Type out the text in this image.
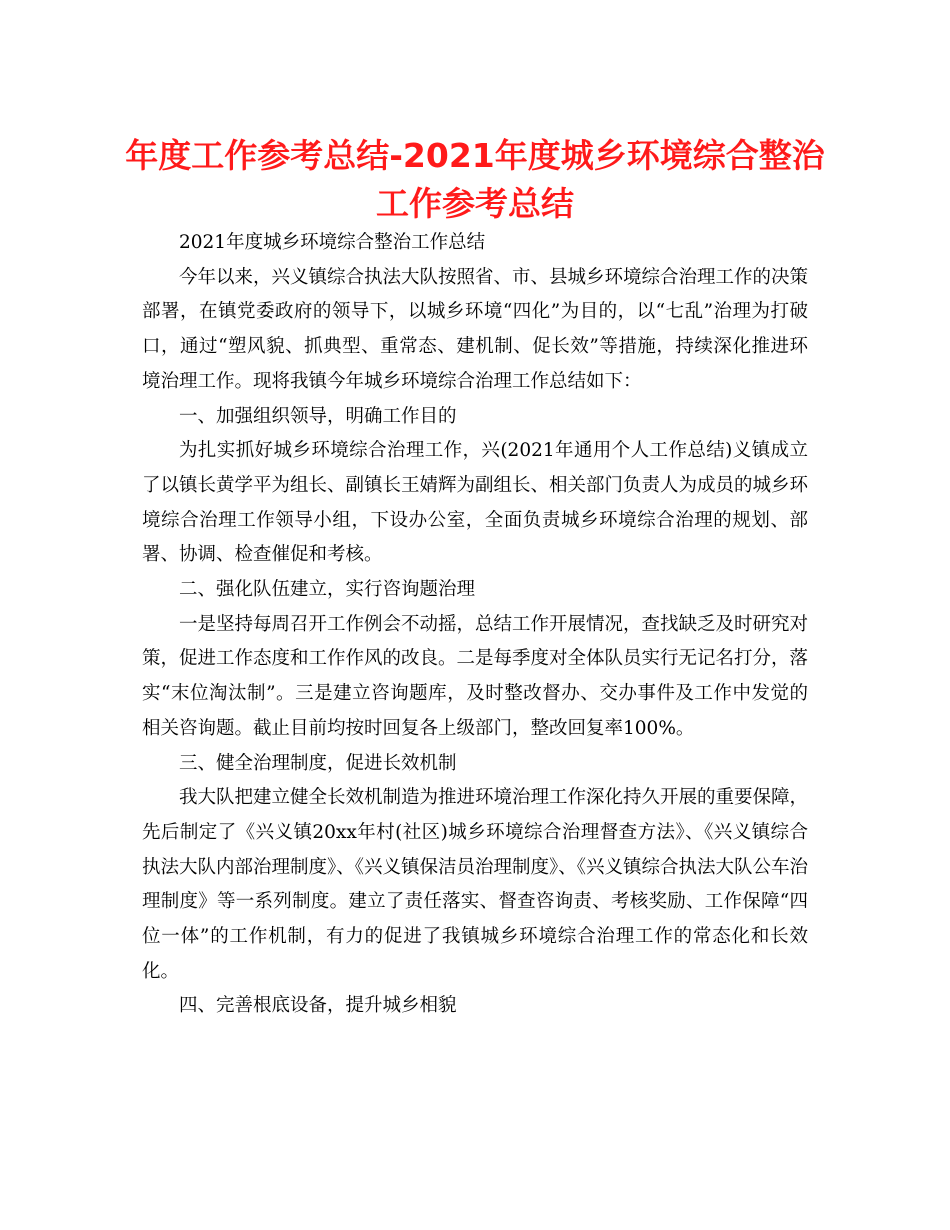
年度工作参考总结-2021年度城乡环境综合整治工作参考总结

2021年度城乡环境综合整治工作总结

今年以来，兴义镇综合执法大队按照省、市、县城乡环境综合治理工作的决策部署，在镇党委政府的领导下，以城乡环境“四化”为目的，以“七乱”治理为打破口，通过“塑风貌、抓典型、重常态、建机制、促长效”等措施，持续深化推进环境治理工作。现将我镇今年城乡环境综合治理工作总结如下：

一、加强组织领导，明确工作目的

为扎实抓好城乡环境综合治理工作，兴(2021年通用个人工作总结)义镇成立了以镇长黄学平为组长、副镇长王婧辉为副组长、相关部门负责人为成员的城乡环境综合治理工作领导小组，下设办公室，全面负责城乡环境综合治理的规划、部署、协调、检查催促和考核。

二、强化队伍建立，实行咨询题治理

一是坚持每周召开工作例会不动摇，总结工作开展情况，查找缺乏及时研究对策，促进工作态度和工作作风的改良。二是每季度对全体队员实行无记名打分，落实“末位淘汰制”。三是建立咨询题库，及时整改督办、交办事件及工作中发觉的相关咨询题。截止目前均按时回复各上级部门，整改回复率100%。

三、健全治理制度，促进长效机制

我大队把建立健全长效机制造为推进环境治理工作深化持久开展的重要保障，先后制定了《兴义镇20xx年村(社区)城乡环境综合治理督查方法》、《兴义镇综合执法大队内部治理制度》、《兴义镇保洁员治理制度》、《兴义镇综合执法大队公车治理制度》等一系列制度。建立了责任落实、督查咨询责、考核奖励、工作保障“四位一体”的工作机制，有力的促进了我镇城乡环境综合治理工作的常态化和长效化。

四、完善根底设备，提升城乡相貌
